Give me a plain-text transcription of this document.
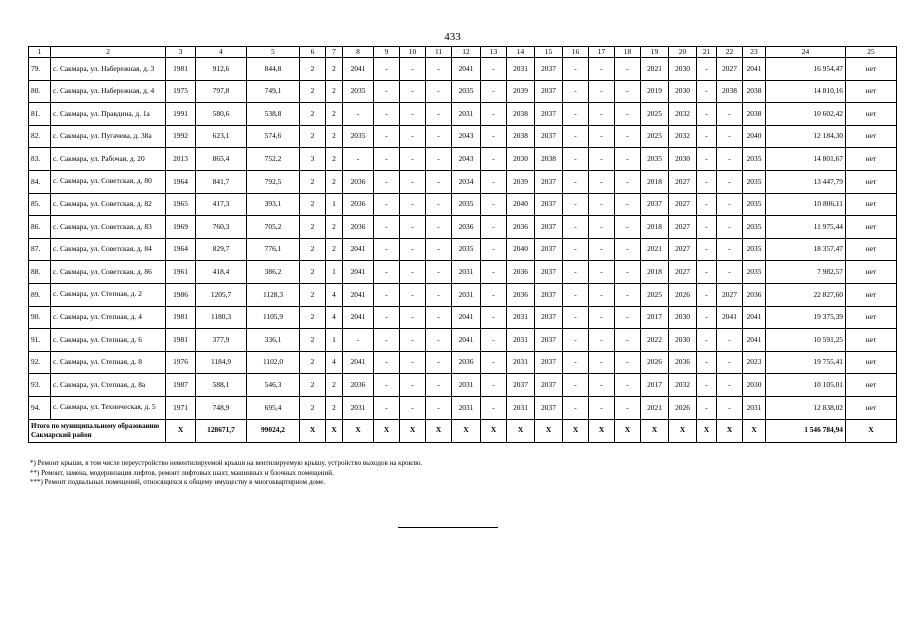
433
1	2	3	4	5	6	7	8	9	10	11	12	13	14	15	16	17	18	19	20	21	22	23	24	25
79.	с. Сакмара, ул. Набережная, д. 3	1981	912,6	844,8	2	2	2041	-	-	-	2041	-	2031	2037	-	-	-	2021	2030	-	2027	2041	16 954,47	нет
80.	с. Сакмара, ул. Набережная, д. 4	1975	797,8	749,1	2	2	2035	-	-	-	2035	-	2039	2037	-	-	-	2019	2030	-	2038	2038	14 810,16	нет
81.	с. Сакмара, ул. Правдина, д. 1а	1991	580,6	538,8	2	2	-	-	-	-	2031	-	2038	2037	-	-	-	2025	2032	-	-	2038	10 602,42	нет
82.	с. Сакмара, ул. Пугачева, д. 38а	1992	623,1	574,6	2	2	2035	-	-	-	2043	-	2038	2037	-	-	-	2025	2032	-	-	2040	12 184,30	нет
83.	с. Сакмара, ул. Рабочая, д. 20	2013	865,4	752,2	3	2	-	-	-	-	2043	-	2030	2038	-	-	-	2035	2030	-	-	2035	14 801,67	нет
84.	с. Сакмара, ул. Советская, д. 80	1964	841,7	792,5	2	2	2036	-	-	-	2034	-	2039	2037	-	-	-	2018	2027	-	-	2035	13 447,79	нет
85.	с. Сакмара, ул. Советская, д. 82	1965	417,3	393,1	2	1	2036	-	-	-	2035	-	2040	2037	-	-	-	2037	2027	-	-	2035	10 806,11	нет
86.	с. Сакмара, ул. Советская, д. 83	1969	760,3	705,2	2	2	2036	-	-	-	2036	-	2036	2037	-	-	-	2018	2027	-	-	2035	11 975,44	нет
87.	с. Сакмара, ул. Советская, д. 84	1964	829,7	776,1	2	2	2041	-	-	-	2035	-	2040	2037	-	-	-	2021	2027	-	-	2035	18 357,47	нет
88.	с. Сакмара, ул. Советская, д. 86	1961	418,4	386,2	2	1	2041	-	-	-	2031	-	2036	2037	-	-	-	2018	2027	-	-	2035	7 982,57	нет
89.	с. Сакмара, ул. Степная, д. 2	1986	1205,7	1128,3	2	4	2041	-	-	-	2031	-	2036	2037	-	-	-	2025	2026	-	2027	2036	22 827,60	нет
90.	с. Сакмара, ул. Степная, д. 4	1981	1180,3	1105,9	2	4	2041	-	-	-	2041	-	2031	2037	-	-	-	2017	2030	-	2041	2041	19 375,39	нет
91.	с. Сакмара, ул. Степная, д. 6	1981	377,9	336,1	2	1	-	-	-	-	2041	-	2031	2037	-	-	-	2022	2030	-	-	2041	10 591,25	нет
92.	с. Сакмара, ул. Степная, д. 8	1976	1184,9	1102,0	2	4	2041	-	-	-	2036	-	2031	2037	-	-	-	2026	2036	-	-	2023	19 755,41	нет
93.	с. Сакмара, ул. Степная, д. 8а	1987	588,1	546,3	2	2	2036	-	-	-	2031	-	2037	2037	-	-	-	2017	2032	-	-	2030	10 105,01	нет
94.	с. Сакмара, ул. Техническая, д. 5	1971	748,9	695,4	2	2	2031	-	-	-	2031	-	2031	2037	-	-	-	2021	2026	-	-	2031	12 838,02	нет
Итого по муниципальному образованию Сакмарский район		X	128671,7	99024,2	X	X	X	X	X	X	X	X	X	X	X	X	X	X	X	X	X	X	1 546 784,94	X
*) Ремонт крыши, в том числе переустройство невентилируемой крыши на вентилируемую крышу, устройство выходов на кровлю.
**) Ремонт, замена, модернизация лифтов, ремонт лифтовых шахт, машинных и блочных помещений.
***) Ремонт подвальных помещений, относящихся к общему имуществу в многоквартирном доме.
